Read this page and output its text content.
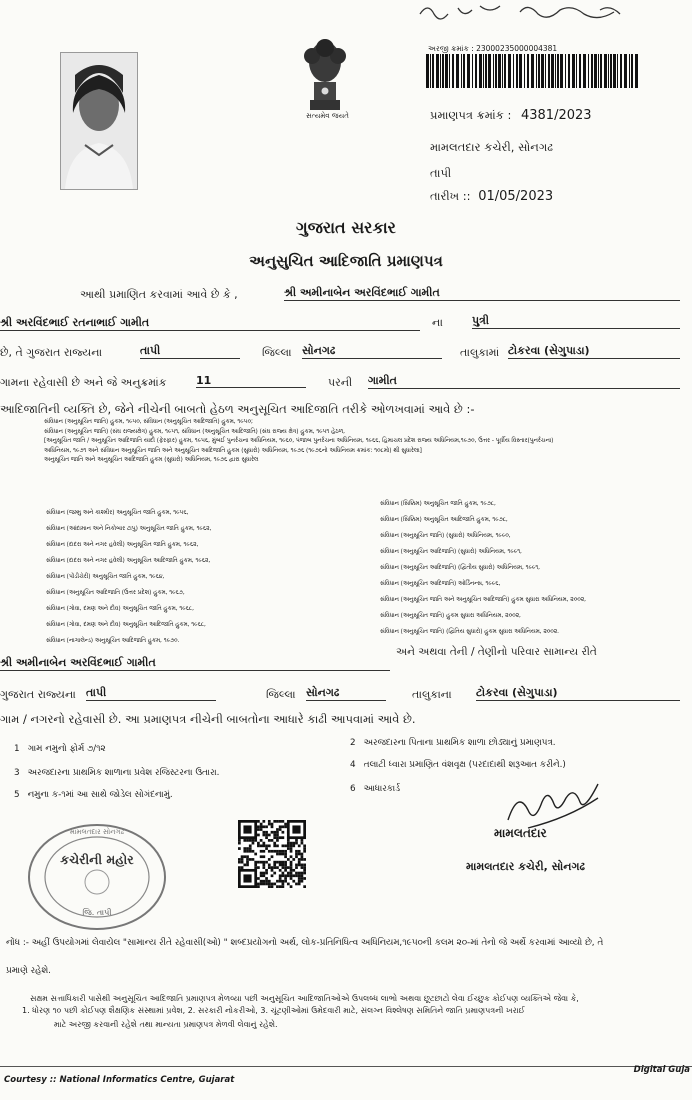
સત્યમેવ જયતે
અરજી ક્રમાંક : 23000235000004381
પ્રમાણપત્ર ક્રમાંક : 4381/2023
મામલતદાર કચેરી, સોનગઢ
તાપી
તારીખ :: 01/05/2023
ગુજરાત સરકાર
અનુસુચિત આદિજાતિ પ્રમાણપત્ર
આથી પ્રમાણિત કરવામાં આવે છે કે ,	શ્રી અમીનાબેન અરવિંદભાઈ ગામીત
શ્રી અરવિંદભાઈ રતનાભાઈ ગામીત	ના	પુત્રી
છે, તે ગુજરાત રાજ્યના	તાપી	જિલ્લા સોનગઢ	તાલુકામાં ટોકરવા (સેગુપાડા)
ગામના રહેવાસી છે અને જે અનુક્રમાંક	11	પરની ગામીત
આદિજાતિની વ્યક્તિ છે, જેને નીચેની બાબતો હેઠળ અનુસૂચિત આદિજાતિ તરીકે ઓળખવામાં આવે છે :-
સંવિધાન (અનુસૂચિત જાતિ) હુકમ, ૧૯૫૦, સંવિધાન (અનુસૂચિત આદિજાતિ) હુકમ, ૧૯૫૦;
સંવિધાન (અનુસૂચિત જાતિ) (સંઘ રાજ્યક્ષેત્ર) હુકમ, ૧૯૫૧, સંવિધાન (અનુસૂચિત આદિજાતિ) (સંઘ રાજ્ય ક્ષેત્ર) હુકમ, ૧૯૫૧ હેઠળ,
[અનુસૂચિત જાતિ / અનુસૂચિત આદિજાતિ યાદી (ફેરફાર) હુકમ, ૧૯૫૬, મુંબઈ પુનર્રચના અધિનિયમ, ૧૯૬૦, પંજાબ પુનર્રચના અધિનિયમ, ૧૯૬૬, હિમાચલ પ્રદેશ રાજ્ય અધિનિયમ,૧૯૭૦, ઉત્તર - પૂર્વીય વિસ્તાર(પુનર્રચના)
અધિનિયમ, ૧૯૭૧ અને સંવિધાન અનુસૂચિત જાતિ અને અનુસૂચિત આદિજાતિ હુકમ (સુધારો) અધિનિયમ, ૧૯૭૬ (૧૯૭૬નો અધિનિયમ ક્રમાંક: ૧૦૮મો) થી સુધારેલા]
અનુસૂચિત જાતિ અને અનુસૂચિત આદિજાતિ હુકમ (સુધારો) અધિનિયમ, ૧૯૭૬ દ્વારા સુધારેલ
સંવિધાન (જમ્મુ અને કાશ્મીર) અનુસૂચિત જાતિ હુકમ, ૧૯૫૬,
સંવિધાન (આંદામાન અને નિકોબાર ટાપુ) અનુસૂચિત જાતિ હુકમ, ૧૯૬૨,
સંવિધાન (દાદરા અને નગર હવેલી) અનુસૂચિત જાતિ હુકમ, ૧૯૬૨,
સંવિધાન (દાદરા અને નગર હવેલી) અનુસૂચિત આદિજાતિ હુકમ, ૧૯૬૨,
સંવિધાન (પોંડીચેરી) અનુસૂચિત જાતિ હુકમ, ૧૯૬૪,
સંવિધાન (અનુસૂચિત આદિજાતિ (ઉત્તર પ્રદેશ) હુકમ, ૧૯૬૭,
સંવિધાન (ગોવા, દમણ અને દીવ) અનુસૂચિત જાતિ હુકમ, ૧૯૬૮,
સંવિધાન (ગોવા, દમણ અને દીવ) અનુસૂચિત આદિજાતિ હુકમ, ૧૯૬૮,
સંવિધાન (નાગાલેન્ડ) અનુસૂચિત આદિજાતિ હુકમ, ૧૯૭૦.
સંવિધાન (સિક્કિમ) અનુસૂચિત જાતિ હુકમ, ૧૯૭૮,
સંવિધાન (સિક્કિમ) અનુસૂચિત આદિજાતિ હુકમ, ૧૯૭૮,
સંવિધાન (અનુસૂચિત જાતિ) (સુધારો) અધિનિયમ, ૧૯૯૦,
સંવિધાન (અનુસૂચિત આદિજાતિ) (સુધારો) અધિનિયમ, ૧૯૯૧,
સંવિધાન (અનુસૂચિત આદિજાતિ) (દ્વિતીય સુધારો) અધિનિયમ, ૧૯૯૧,
સંવિધાન (અનુસૂચિત આદિજાતિ) ઓર્ડિનન્સ, ૧૯૯૬,
સંવિધાન (અનુસૂચિત જાતિ અને અનુસૂચિત આદિજાતિ) હુકમ સુધારા અધિનિયમ, ૨૦૦૨,
સંવિધાન (અનુસૂચિત જાતિ) હુકમ સુધારા અધિનિયમ, ૨૦૦૨,
સંવિધાન (અનુસૂચિત જાતિ) (દ્વિતિય સુધારો) હુકમ સુધારા અધિનિયમ, ૨૦૦૨.
અને અથવા તેની / તેણીનો પરિવાર સામાન્ય રીતે
શ્રી અમીનાબેન અરવિંદભાઈ ગામીત
ગુજરાત રાજ્યના તાપી	જિલ્લા સોનગઢ	તાલુકાના ટોકરવા (સેગુપાડા)
ગામ / નગરનો રહેવાસી છે. આ પ્રમાણપત્ર નીચેની બાબતોના આધારે કાઢી આપવામાં આવે છે.
1 ગામ નમુનો ફોર્મ ૭/૧૨
2 અરજદારના પિતાના પ્રાથમિક શાળા છોડ્યાનું પ્રમાણપત્ર.
3 અરજદારના પ્રાથમિક શાળાના પ્રવેશ રજિસ્ટરના ઉતારા.
4 તલાટી ધ્વારા પ્રમાણિત વંશવૃક્ષ (પરદાદાથી શરૂઆત કરીને.)
5 નમુના ક-૧માં આ સાથે જોડેલ સોગંદનામું.
6 આધારકાર્ડ
મામલતદાર
મામલતદાર કચેરી, સોનગઢ
કચેરીની મહોર
મામલતદાર સોનગઢ
જિ. તાપી
નોંધ :- અહીં ઉપયોગમાં લેવાયેલ "સામાન્ય રીતે રહેવાસી(ઓ) " શબ્દપ્રયોગનો અર્થ, લોક-પ્રતિનિધિત્વ અધિનિયમ,૧૯૫૦ની કલમ ૨૦-માં તેનો જે અર્થે કરવામાં આવ્યો છે, તે
પ્રમાણે રહેશે.
સક્ષમ સત્તાધિકારી પાસેથી અનુસૂચિત આદિજાતિ પ્રમાણપત્ર મેળવ્યા પછી અનુસૂચિત આદિજાતિઓએ ઉપલબ્ધ લાભો અથવા છૂટછાટો લેવા ઈચ્છુક કોઈપણ વ્યક્તિએ જેવા કે,
1. ધોરણ ૧૦ પછી કોઈપણ શૈક્ષણિક સંસ્થામાં પ્રવેશ, 2. સરકારી નોકરીઓ, 3. ચૂંટણીઓમાં ઉમેદવારી માટે, સંલગ્ન વિશ્લેષણ સમિતિને જાતિ પ્રમાણપત્રની ખરાઈ
માટે અરજી કરવાની રહેશે તથા માન્યતા પ્રમાણપત્ર મેળવી લેવાનું રહેશે.
Courtesy :: National Informatics Centre, Gujarat
Digital Guja
